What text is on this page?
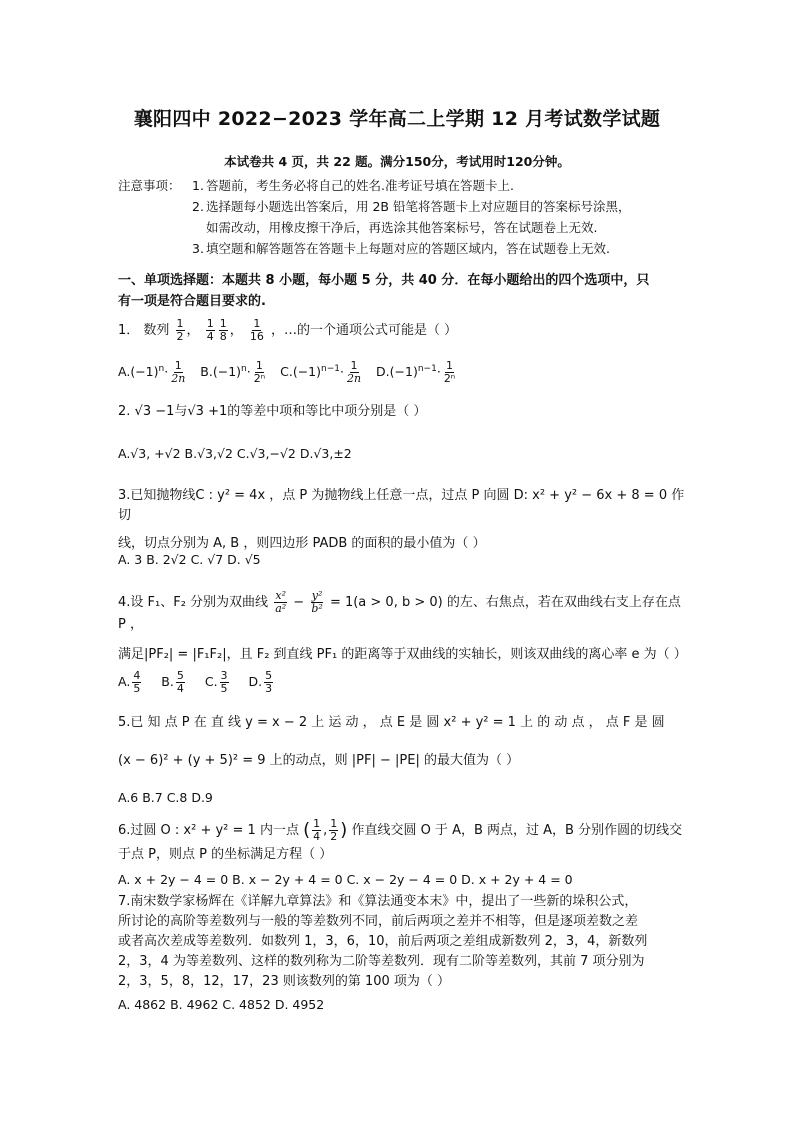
襄阳四中 2022−2023 学年高二上学期 12 月考试数学试题
本试卷共 4 页，共 22 题。满分150分，考试用时120分钟。
注意事项： 1. 答题前，考生务必将自己的姓名.准考证号填在答题卡上.
2. 选择题每小题选出答案后，用 2B 铅笔将答题卡上对应题目的答案标号涂黑，
如需改动，用橡皮擦干净后，再选涂其他答案标号，答在试题卷上无效.
3. 填空题和解答题答在答题卡上每题对应的答题区域内，答在试题卷上无效.
一、单项选择题：本题共 8 小题，每小题 5 分，共 40 分．在每小题给出的四个选项中，只
有一项是符合题目要求的.
1． 数列 $\frac{1}{2}$ ， $\frac{1}{4} \frac{1}{8}$ ， $\frac{1}{16}$ ，…的一个通项公式可能是（ ）
$A.(-1)^n\cdot \frac{1}{2n} B.(-1)^n\cdot \frac{1}{\text{2ⁿ}} C.(-1)^{n-1}\cdot \frac{1}{2n} D.(-1)^{n-1}\cdot \frac{1}{\text{2ⁿ}}$
2. √3 −1与√3 +1的等差中项和等比中项分别是（ ）
A.√3, +√2 B.√3,√2 C.√3,−√2 D.√3,±2
3.已知抛物线C : y² = 4x ，点 P 为抛物线上任意一点，过点 P 向圆 D: x² + y² − 6x + 8 = 0 作切
线，切点分别为 A, B ，则四边形 PADB 的面积的最小值为（ ）
A. 3 B. 2√2 C. √7 D. √5
4.设 F₁、F₂ 分别为双曲线 $\frac{\text{x²}}{\text{a²}} - \frac{\text{y²}}{\text{b²}} = 1(a > 0$, b > 0) 的左、右焦点，若在双曲线右支上存在点 P ，
满足|PF₂| = |F₁F₂|，且 F₂ 到直线 PF₁ 的距离等于双曲线的实轴长，则该双曲线的离心率 e 为（ ）
A. $\frac{4}{5} B$. $\frac{5}{4} C$. $\frac{3}{5} D$. $\frac{5}{3}$
5.已 知 点 P 在 直 线 y = x − 2 上 运 动 ， 点 E 是 圆 x² + y² = 1 上 的 动 点 ， 点 F 是 圆
(x − 6)² + (y + 5)² = 9 上的动点，则 |PF| − |PE| 的最大值为（ ）
A.6 B.7 C.8 D.9
6.过圆 O : x² + y² = 1 内一点 ( $\frac{1}{4}$ , $\frac{1}{2}$ ) 作直线交圆 O 于 A，B 两点，过 A，B 分别作圆的切线交
于点 P，则点 P 的坐标满足方程（ ）
A. x + 2y − 4 = 0 B. x − 2y + 4 = 0 C. x − 2y − 4 = 0 D. x + 2y + 4 = 0
7.南宋数学家杨辉在《详解九章算法》和《算法通变本末》中，提出了一些新的垛积公式，
所讨论的高阶等差数列与一般的等差数列不同，前后两项之差并不相等，但是逐项差数之差
或者高次差成等差数列．如数列 1，3，6，10，前后两项之差组成新数列 2，3，4，新数列
2，3，4 为等差数列、这样的数列称为二阶等差数列．现有二阶等差数列，其前 7 项分别为
2，3，5，8，12，17，23 则该数列的第 100 项为（ ）
A. 4862 B. 4962 C. 4852 D. 4952
